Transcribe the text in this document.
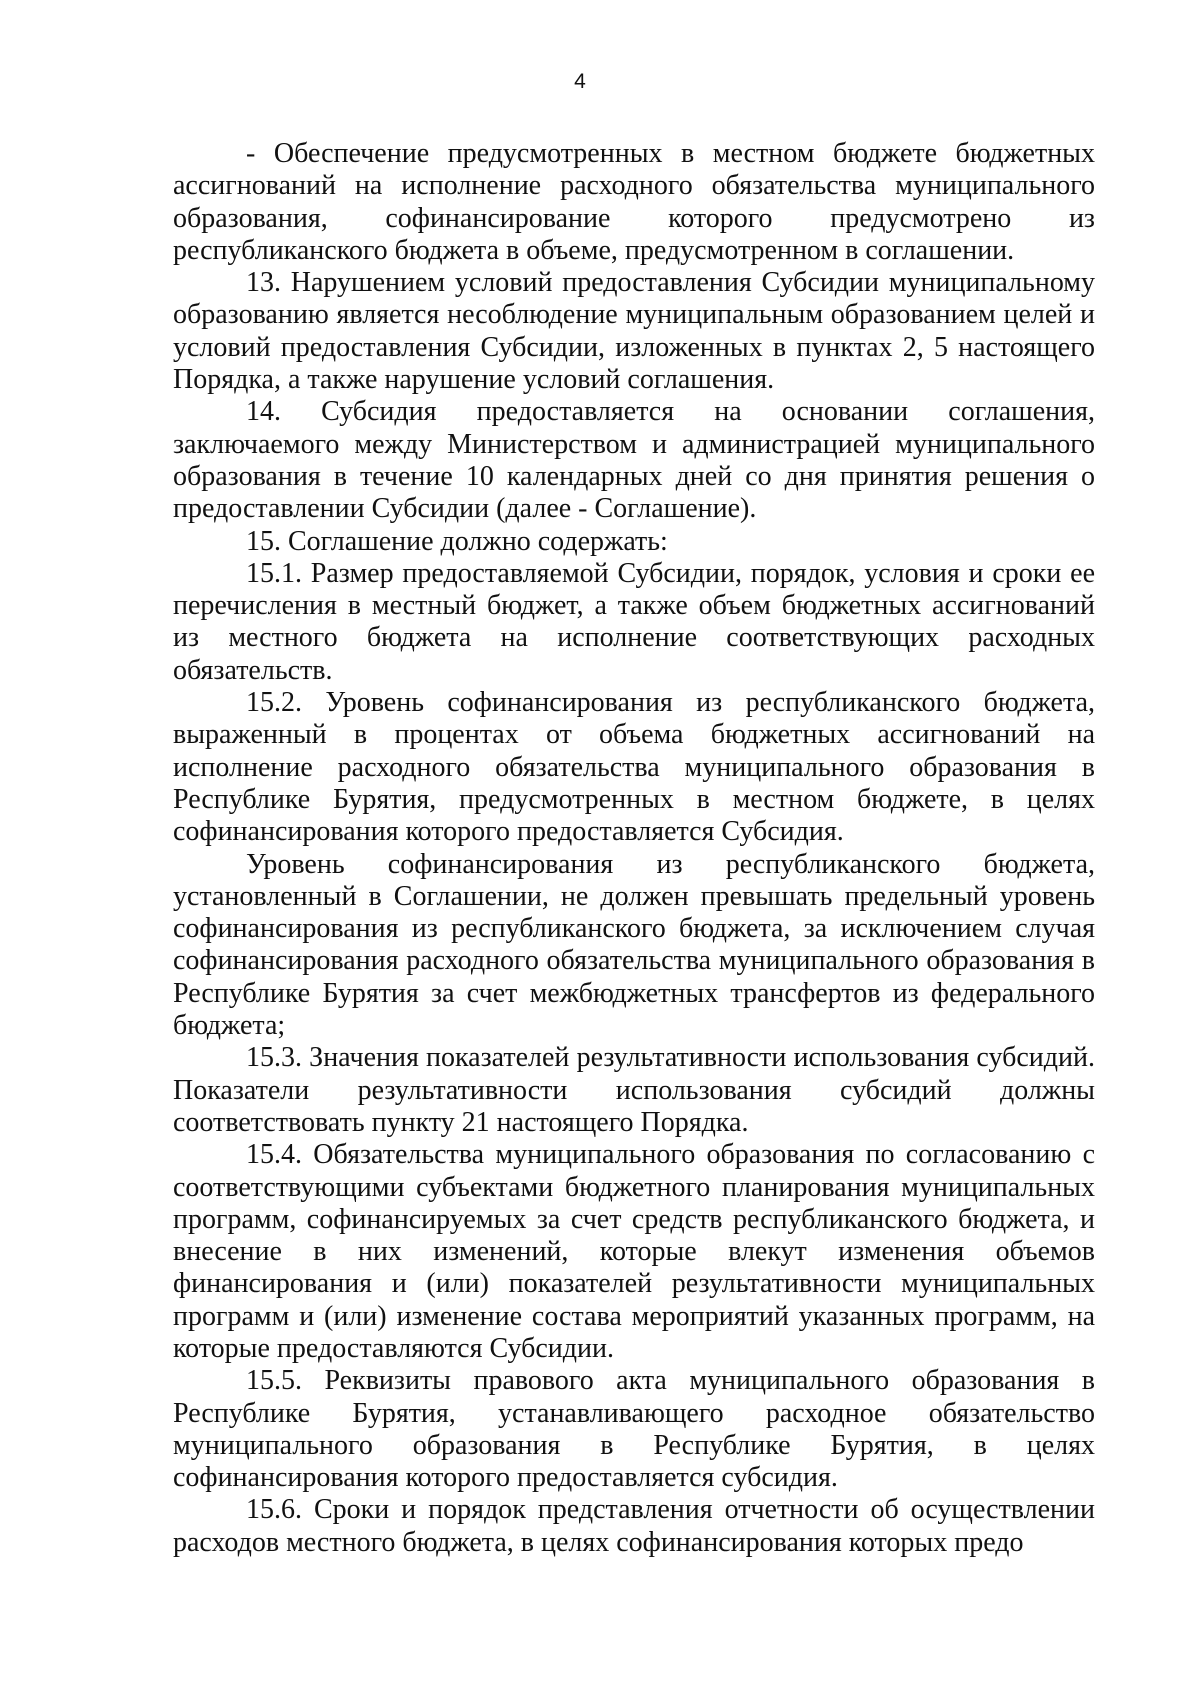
4

- Обеспечение предусмотренных в местном бюджете бюджетных ассигнований на исполнение расходного обязательства муниципального образования, софинансирование которого предусмотрено из республиканского бюджета в объеме, предусмотренном в соглашении.

13. Нарушением условий предоставления Субсидии муниципальному образованию является несоблюдение муниципальным образованием целей и условий предоставления Субсидии, изложенных в пунктах 2, 5 настоящего Порядка, а также нарушение условий соглашения.

14. Субсидия предоставляется на основании соглашения, заключаемого между Министерством и администрацией муниципального образования в течение 10 календарных дней со дня принятия решения о предоставлении Субсидии (далее - Соглашение).

15. Соглашение должно содержать:

15.1. Размер предоставляемой Субсидии, порядок, условия и сроки ее перечисления в местный бюджет, а также объем бюджетных ассигнований из местного бюджета на исполнение соответствующих расходных обязательств.

15.2. Уровень софинансирования из республиканского бюджета, выраженный в процентах от объема бюджетных ассигнований на исполнение расходного обязательства муниципального образования в Республике Бурятия, предусмотренных в местном бюджете, в целях софинансирования которого предоставляется Субсидия.

Уровень софинансирования из республиканского бюджета, установленный в Соглашении, не должен превышать предельный уровень софинансирования из республиканского бюджета, за исключением случая софинансирования расходного обязательства муниципального образования в Республике Бурятия за счет межбюджетных трансфертов из федерального бюджета;

15.3. Значения показателей результативности использования субсидий. Показатели результативности использования субсидий должны соответствовать пункту 21 настоящего Порядка.

15.4. Обязательства муниципального образования по согласованию с соответствующими субъектами бюджетного планирования муниципальных программ, софинансируемых за счет средств республиканского бюджета, и внесение в них изменений, которые влекут изменения объемов финансирования и (или) показателей результативности муниципальных программ и (или) изменение состава мероприятий указанных программ, на которые предоставляются Субсидии.

15.5. Реквизиты правового акта муниципального образования в Республике Бурятия, устанавливающего расходное обязательство муниципального образования в Республике Бурятия, в целях софинансирования которого предоставляется субсидия.

15.6. Сроки и порядок представления отчетности об осуществлении расходов местного бюджета, в целях софинансирования которых предо
